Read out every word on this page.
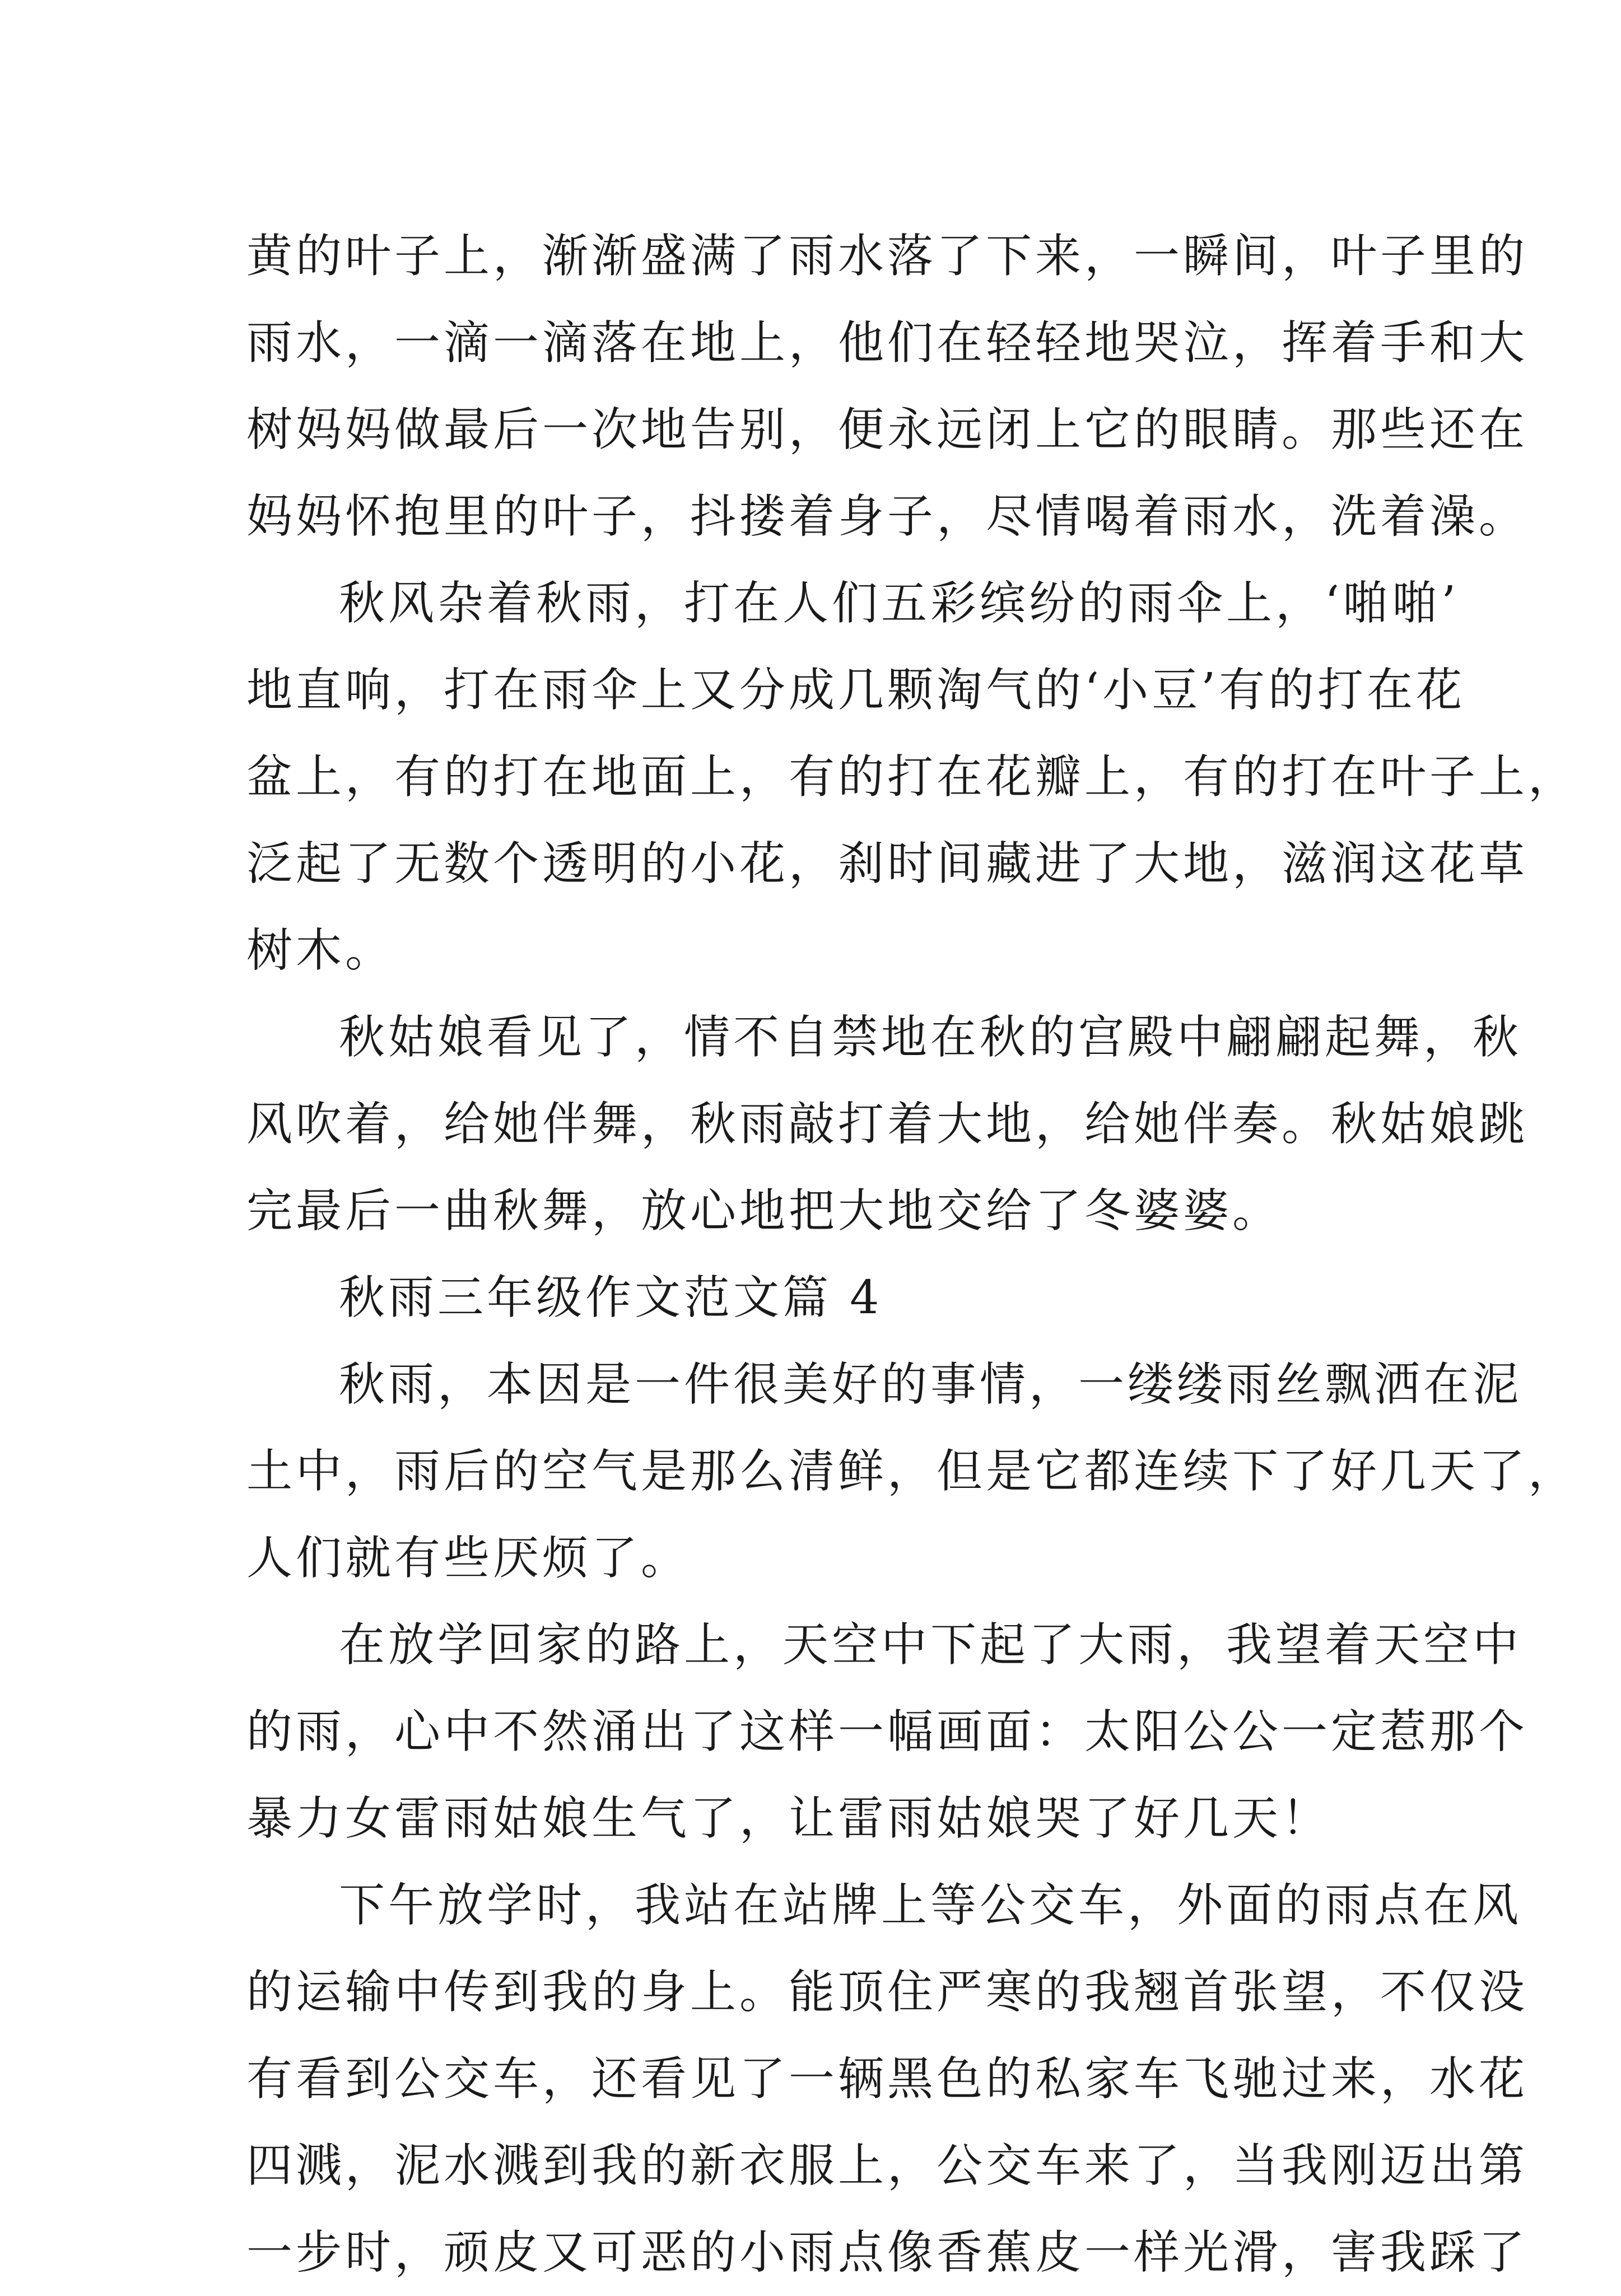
黄的叶子上，渐渐盛满了雨水落了下来，一瞬间，叶子里的
雨水，一滴一滴落在地上，他们在轻轻地哭泣，挥着手和大
树妈妈做最后一次地告别，便永远闭上它的眼睛。那些还在
妈妈怀抱里的叶子，抖搂着身子，尽情喝着雨水，洗着澡。
秋风杂着秋雨，打在人们五彩缤纷的雨伞上，‘啪啪’
地直响，打在雨伞上又分成几颗淘气的‘小豆’有的打在花
盆上，有的打在地面上，有的打在花瓣上，有的打在叶子上，
泛起了无数个透明的小花，刹时间藏进了大地，滋润这花草
树木。
秋姑娘看见了，情不自禁地在秋的宫殿中翩翩起舞，秋
风吹着，给她伴舞，秋雨敲打着大地，给她伴奏。秋姑娘跳
完最后一曲秋舞，放心地把大地交给了冬婆婆。
秋雨三年级作文范文篇 4
秋雨，本因是一件很美好的事情，一缕缕雨丝飘洒在泥
土中，雨后的空气是那么清鲜，但是它都连续下了好几天了，
人们就有些厌烦了。
在放学回家的路上，天空中下起了大雨，我望着天空中
的雨，心中不然涌出了这样一幅画面：太阳公公一定惹那个
暴力女雷雨姑娘生气了，让雷雨姑娘哭了好几天！
下午放学时，我站在站牌上等公交车，外面的雨点在风
的运输中传到我的身上。能顶住严寒的我翘首张望，不仅没
有看到公交车，还看见了一辆黑色的私家车飞驰过来，水花
四溅，泥水溅到我的新衣服上，公交车来了，当我刚迈出第
一步时，顽皮又可恶的小雨点像香蕉皮一样光滑，害我踩了
